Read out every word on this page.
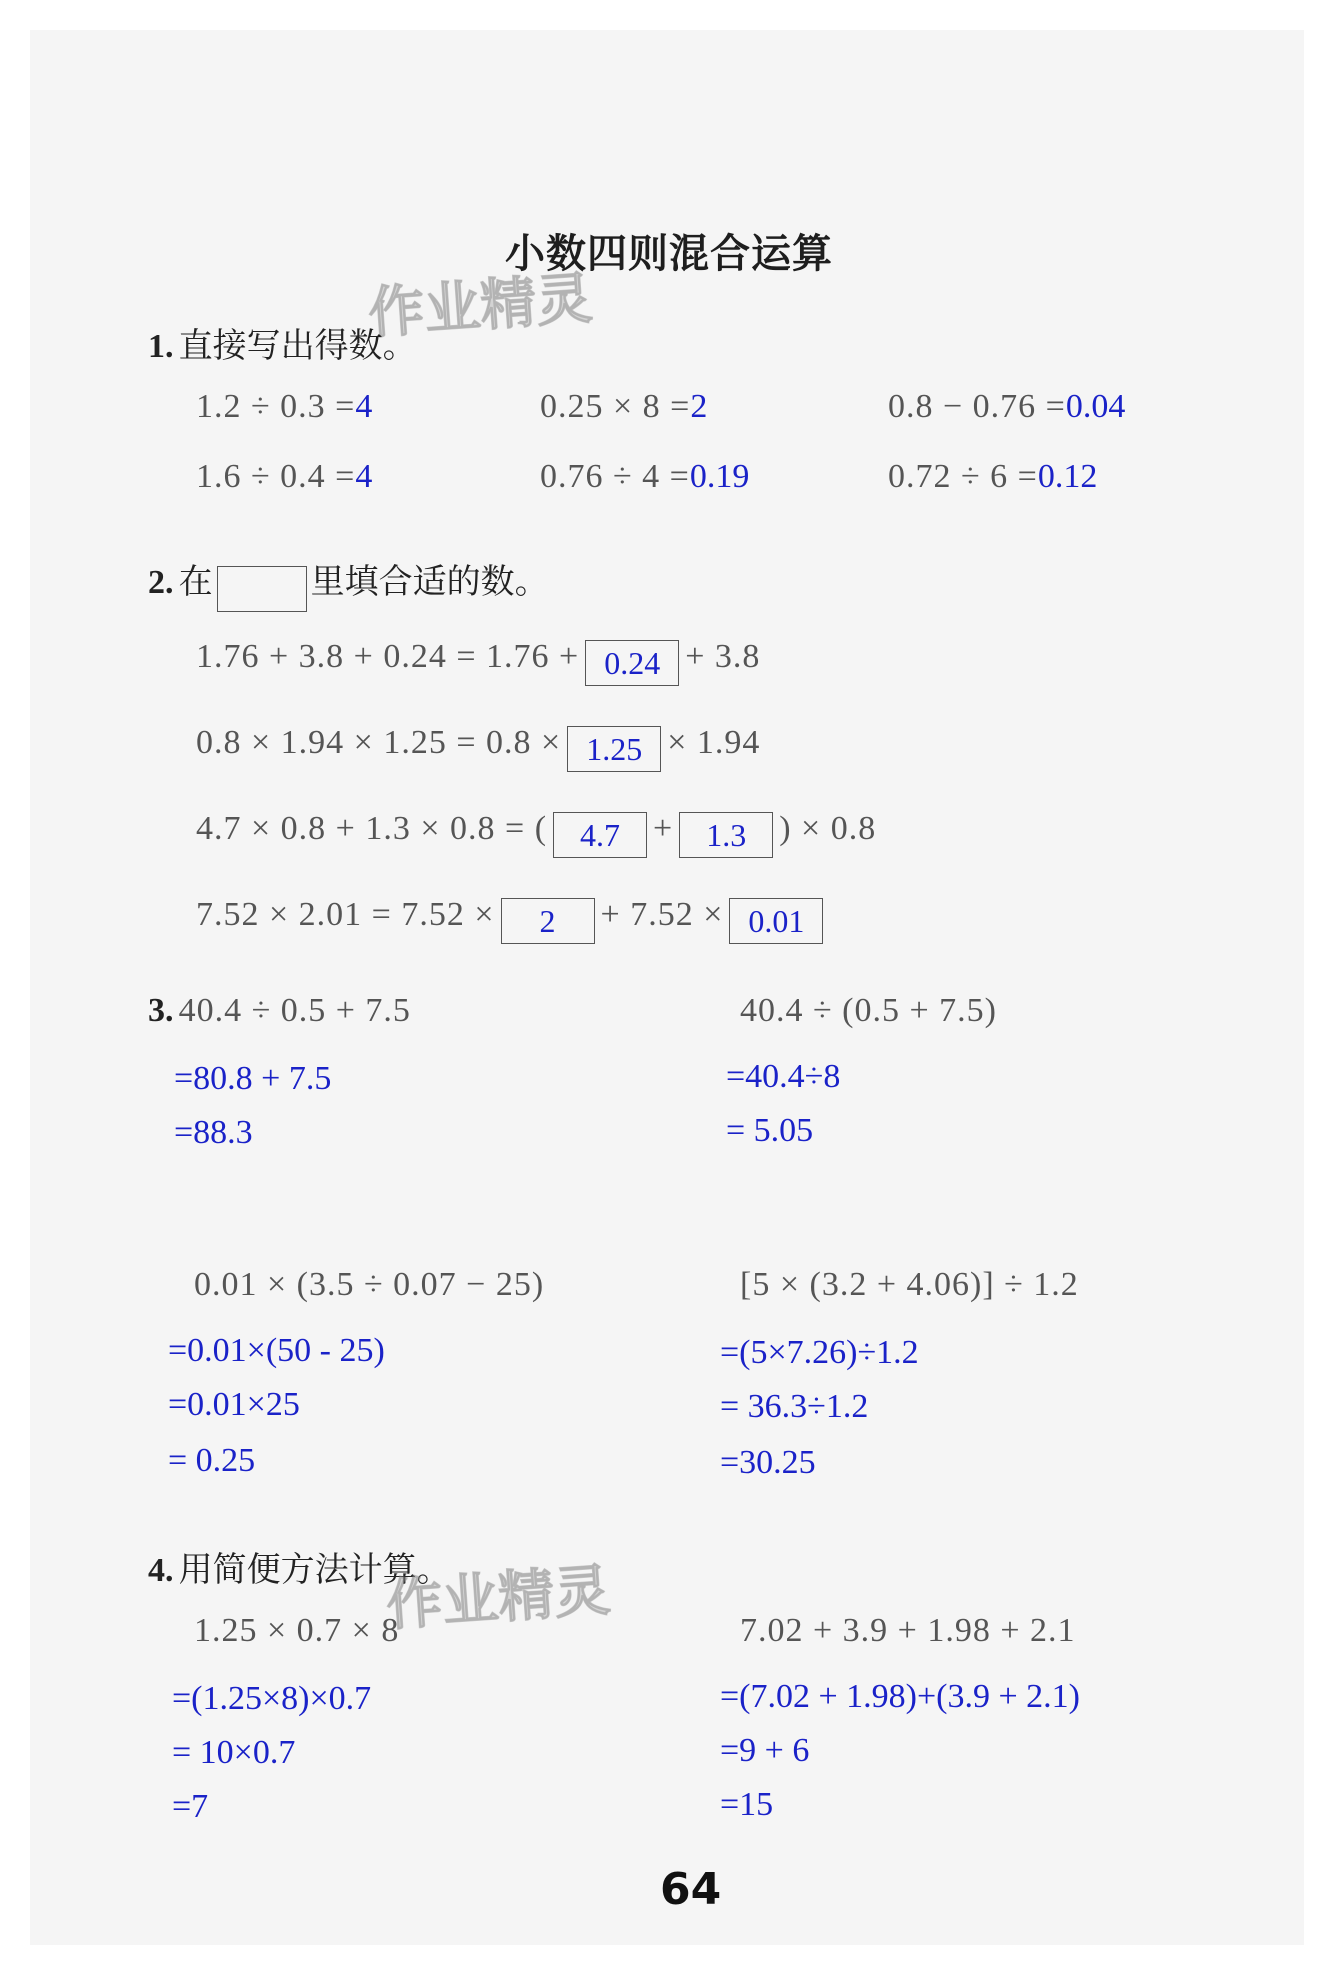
小数四则混合运算
作业精灵
1. 直接写出得数。
1.2 ÷ 0.3 =4	0.25 × 8 =2	0.8 − 0.76 =0.04
1.6 ÷ 0.4 =4	0.76 ÷ 4 =0.19	0.72 ÷ 6 =0.12
2. 在	里填合适的数。
1.76 + 3.8 + 0.24 = 1.76 + 0.24 + 3.8
0.8 × 1.94 × 1.25 = 0.8 × 1.25 × 1.94
4.7 × 0.8 + 1.3 × 0.8 = ( 4.7 + 1.3 ) × 0.8
7.52 × 2.01 = 7.52 × 2 + 7.52 × 0.01
3. 40.4 ÷ 0.5 + 7.5
=80.8 + 7.5
=88.3
40.4 ÷ (0.5 + 7.5)
=40.4÷8
= 5.05
0.01 × (3.5 ÷ 0.07 − 25)
=0.01×(50 - 25)
=0.01×25
= 0.25
[5 × (3.2 + 4.06)] ÷ 1.2
=(5×7.26)÷1.2
= 36.3÷1.2
=30.25
4. 用简便方法计算。
作业精灵
1.25 × 0.7 × 8
=(1.25×8)×0.7
= 10×0.7
=7
7.02 + 3.9 + 1.98 + 2.1
=(7.02 + 1.98)+(3.9 + 2.1)
=9 + 6
=15
64
